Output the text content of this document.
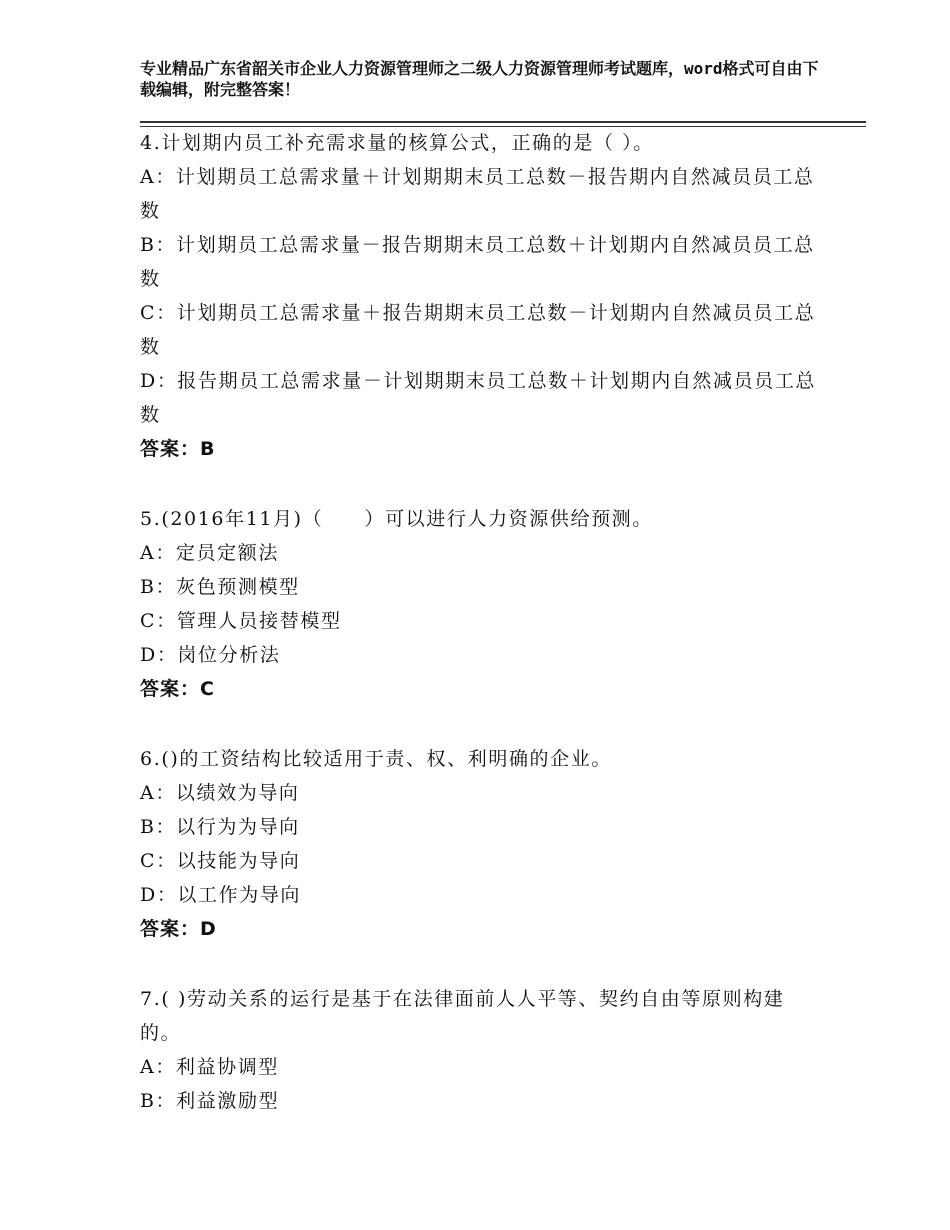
专业精品广东省韶关市企业人力资源管理师之二级人力资源管理师考试题库，word格式可自由下载编辑，附完整答案！
4.计划期内员工补充需求量的核算公式，正确的是（ ）。
A：计划期员工总需求量＋计划期期末员工总数－报告期内自然减员员工总数
B：计划期员工总需求量－报告期期末员工总数＋计划期内自然减员员工总数
C：计划期员工总需求量＋报告期期末员工总数－计划期内自然减员员工总数
D：报告期员工总需求量－计划期期末员工总数＋计划期内自然减员员工总数
答案：B
5.(2016年11月)（　　）可以进行人力资源供给预测。
A：定员定额法
B：灰色预测模型
C：管理人员接替模型
D：岗位分析法
答案：C
6.()的工资结构比较适用于责、权、利明确的企业。
A：以绩效为导向
B：以行为为导向
C：以技能为导向
D：以工作为导向
答案：D
7.( )劳动关系的运行是基于在法律面前人人平等、契约自由等原则构建的。
A：利益协调型
B：利益激励型
